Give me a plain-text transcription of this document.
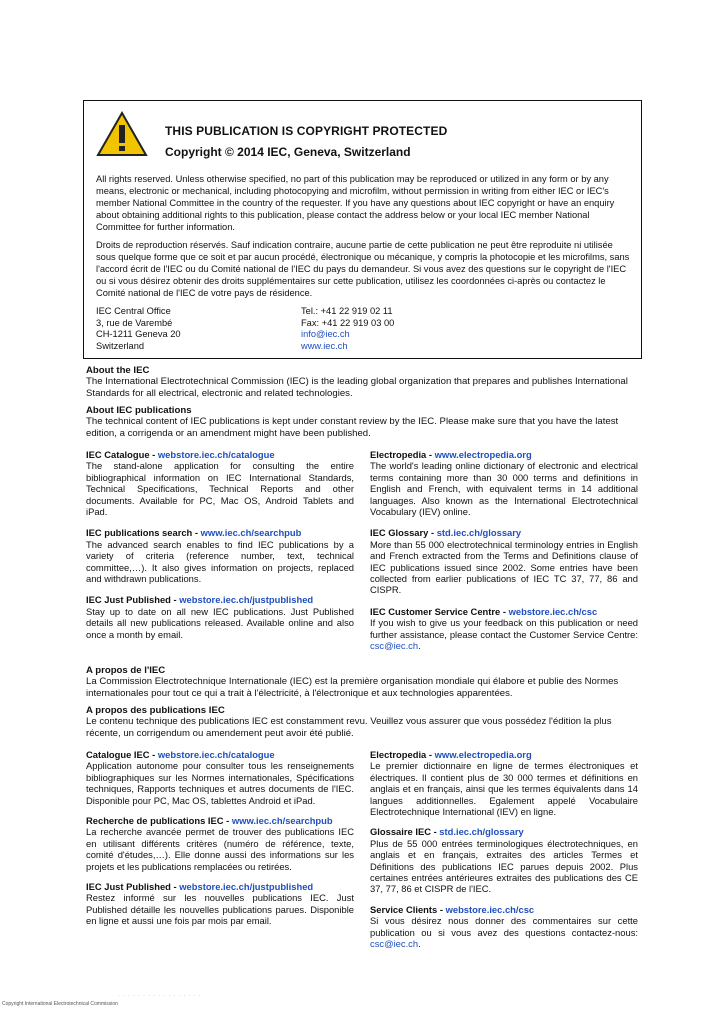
THIS PUBLICATION IS COPYRIGHT PROTECTED
Copyright © 2014 IEC, Geneva, Switzerland

All rights reserved. Unless otherwise specified, no part of this publication may be reproduced or utilized in any form or by any means, electronic or mechanical, including photocopying and microfilm, without permission in writing from either IEC or IEC's member National Committee in the country of the requester. If you have any questions about IEC copyright or have an enquiry about obtaining additional rights to this publication, please contact the address below or your local IEC member National Committee for further information.

Droits de reproduction réservés. Sauf indication contraire, aucune partie de cette publication ne peut être reproduite ni utilisée sous quelque forme que ce soit et par aucun procédé, électronique ou mécanique, y compris la photocopie et les microfilms, sans l'accord écrit de l'IEC ou du Comité national de l'IEC du pays du demandeur. Si vous avez des questions sur le copyright de l'IEC ou si vous désirez obtenir des droits supplémentaires sur cette publication, utilisez les coordonnées ci-après ou contactez le Comité national de l'IEC de votre pays de résidence.

IEC Central Office
3, rue de Varembé
CH-1211 Geneva 20
Switzerland
Tel.: +41 22 919 02 11
Fax: +41 22 919 03 00
info@iec.ch
www.iec.ch
About the IEC

The International Electrotechnical Commission (IEC) is the leading global organization that prepares and publishes International Standards for all electrical, electronic and related technologies.

About IEC publications

The technical content of IEC publications is kept under constant review by the IEC. Please make sure that you have the latest edition, a corrigenda or an amendment might have been published.

IEC Catalogue - webstore.iec.ch/catalogue

The stand-alone application for consulting the entire bibliographical information on IEC International Standards, Technical Specifications, Technical Reports and other documents. Available for PC, Mac OS, Android Tablets and iPad.

IEC publications search - www.iec.ch/searchpub

The advanced search enables to find IEC publications by a variety of criteria (reference number, text, technical committee,…). It also gives information on projects, replaced and withdrawn publications.

IEC Just Published - webstore.iec.ch/justpublished

Stay up to date on all new IEC publications. Just Published details all new publications released. Available online and also once a month by email.

Electropedia - www.electropedia.org

The world's leading online dictionary of electronic and electrical terms containing more than 30 000 terms and definitions in English and French, with equivalent terms in 14 additional languages. Also known as the International Electrotechnical Vocabulary (IEV) online.

IEC Glossary - std.iec.ch/glossary

More than 55 000 electrotechnical terminology entries in English and French extracted from the Terms and Definitions clause of IEC publications issued since 2002. Some entries have been collected from earlier publications of IEC TC 37, 77, 86 and CISPR.

IEC Customer Service Centre - webstore.iec.ch/csc

If you wish to give us your feedback on this publication or need further assistance, please contact the Customer Service Centre: csc@iec.ch.

A propos de l'IEC

La Commission Electrotechnique Internationale (IEC) est la première organisation mondiale qui élabore et publie des Normes internationales pour tout ce qui a trait à l'électricité, à l'électronique et aux technologies apparentées.

A propos des publications IEC

Le contenu technique des publications IEC est constamment revu. Veuillez vous assurer que vous possédez l'édition la plus récente, un corrigendum ou amendement peut avoir été publié.

Catalogue IEC - webstore.iec.ch/catalogue

Application autonome pour consulter tous les renseignements bibliographiques sur les Normes internationales, Spécifications techniques, Rapports techniques et autres documents de l'IEC. Disponible pour PC, Mac OS, tablettes Android et iPad.

Recherche de publications IEC - www.iec.ch/searchpub

La recherche avancée permet de trouver des publications IEC en utilisant différents critères (numéro de référence, texte, comité d'études,…). Elle donne aussi des informations sur les projets et les publications remplacées ou retirées.

IEC Just Published - webstore.iec.ch/justpublished

Restez informé sur les nouvelles publications IEC. Just Published détaille les nouvelles publications parues. Disponible en ligne et aussi une fois par mois par email.

Electropedia - www.electropedia.org

Le premier dictionnaire en ligne de termes électroniques et électriques. Il contient plus de 30 000 termes et définitions en anglais et en français, ainsi que les termes équivalents dans 14 langues additionnelles. Egalement appelé Vocabulaire Electrotechnique International (IEV) en ligne.

Glossaire IEC - std.iec.ch/glossary

Plus de 55 000 entrées terminologiques électrotechniques, en anglais et en français, extraites des articles Termes et Définitions des publications IEC parues depuis 2002. Plus certaines entrées antérieures extraites des publications des CE 37, 77, 86 et CISPR de l'IEC.

Service Clients - webstore.iec.ch/csc

Si vous désirez nous donner des commentaires sur cette publication ou si vous avez des questions contactez-nous: csc@iec.ch.

· · · · · · · · · · · · · · · · ·
Copyright International Electrotechnical Commission
